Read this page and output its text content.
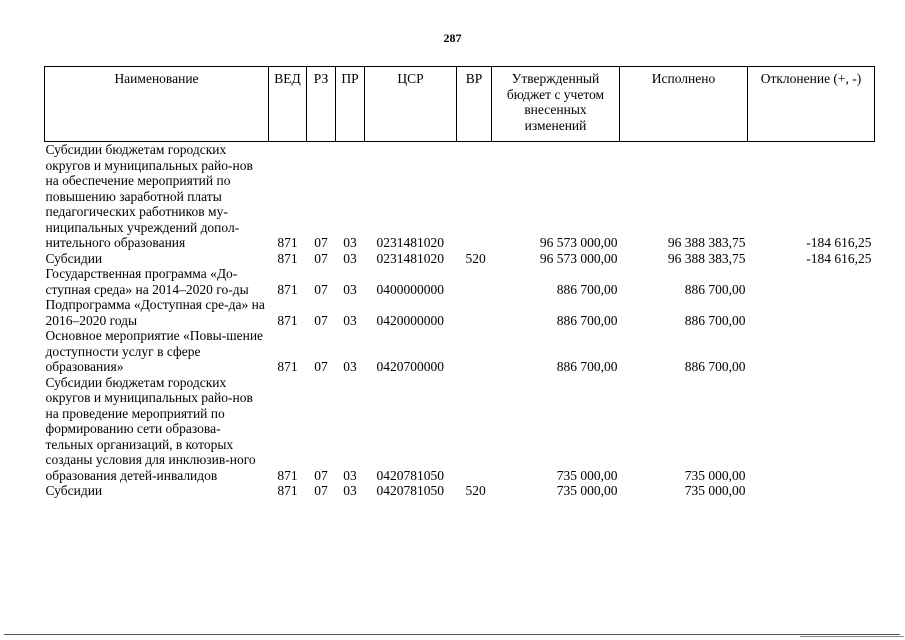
287
Наименование	ВЕД	РЗ	ПР	ЦСР	ВР	Утвержденный бюджет с учетом внесенных изменений	Исполнено	Отклонение (+, -)
Субсидии бюджетам городских округов и муниципальных райо-нов на обеспечение мероприятий по повышению заработной платы педагогических работников му-ниципальных учреждений допол-нительного образования	871	07	03	0231481020		96 573 000,00	96 388 383,75	-184 616,25
Субсидии	871	07	03	0231481020	520	96 573 000,00	96 388 383,75	-184 616,25
Государственная программа «До-ступная среда» на 2014–2020 го-ды	871	07	03	0400000000		886 700,00	886 700,00	
Подпрограмма «Доступная сре-да» на 2016–2020 годы	871	07	03	0420000000		886 700,00	886 700,00	
Основное мероприятие «Повы-шение доступности услуг в сфере образования»	871	07	03	0420700000		886 700,00	886 700,00	
Субсидии бюджетам городских округов и муниципальных райо-нов на проведение мероприятий по формированию сети образова-тельных организаций, в которых созданы условия для инклюзив-ного образования детей-инвалидов	871	07	03	0420781050		735 000,00	735 000,00	
Субсидии	871	07	03	0420781050	520	735 000,00	735 000,00	
